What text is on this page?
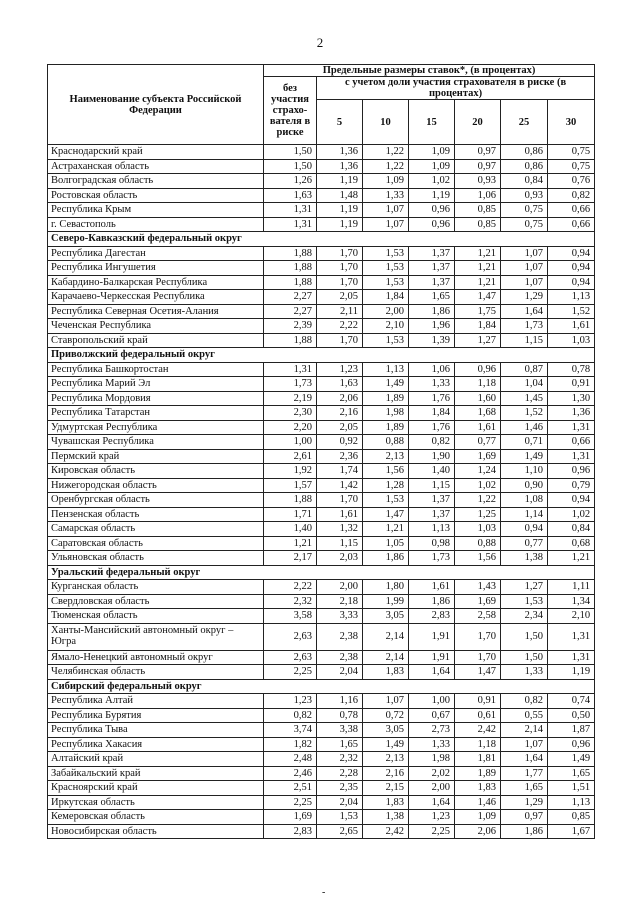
2
Наименование субъекта Российской Федерации	Предельные размеры ставок*, (в процентах)						
	без участия страхо-вателя в риске	с учетом доли участия страхователя в риске (в процентах)					
		5	10	15	20	25	30
Краснодарский край	1,50	1,36	1,22	1,09	0,97	0,86	0,75
Астраханская область	1,50	1,36	1,22	1,09	0,97	0,86	0,75
Волгоградская область	1,26	1,19	1,09	1,02	0,93	0,84	0,76
Ростовская область	1,63	1,48	1,33	1,19	1,06	0,93	0,82
Республика Крым	1,31	1,19	1,07	0,96	0,85	0,75	0,66
г. Севастополь	1,31	1,19	1,07	0,96	0,85	0,75	0,66
Северо-Кавказский федеральный округ							
Республика Дагестан	1,88	1,70	1,53	1,37	1,21	1,07	0,94
Республика Ингушетия	1,88	1,70	1,53	1,37	1,21	1,07	0,94
Кабардино-Балкарская Республика	1,88	1,70	1,53	1,37	1,21	1,07	0,94
Карачаево-Черкесская Республика	2,27	2,05	1,84	1,65	1,47	1,29	1,13
Республика Северная Осетия-Алания	2,27	2,11	2,00	1,86	1,75	1,64	1,52
Чеченская Республика	2,39	2,22	2,10	1,96	1,84	1,73	1,61
Ставропольский край	1,88	1,70	1,53	1,39	1,27	1,15	1,03
Приволжский федеральный округ							
Республика Башкортостан	1,31	1,23	1,13	1,06	0,96	0,87	0,78
Республика Марий Эл	1,73	1,63	1,49	1,33	1,18	1,04	0,91
Республика Мордовия	2,19	2,06	1,89	1,76	1,60	1,45	1,30
Республика Татарстан	2,30	2,16	1,98	1,84	1,68	1,52	1,36
Удмуртская Республика	2,20	2,05	1,89	1,76	1,61	1,46	1,31
Чувашская Республика	1,00	0,92	0,88	0,82	0,77	0,71	0,66
Пермский край	2,61	2,36	2,13	1,90	1,69	1,49	1,31
Кировская область	1,92	1,74	1,56	1,40	1,24	1,10	0,96
Нижегородская область	1,57	1,42	1,28	1,15	1,02	0,90	0,79
Оренбургская область	1,88	1,70	1,53	1,37	1,22	1,08	0,94
Пензенская область	1,71	1,61	1,47	1,37	1,25	1,14	1,02
Самарская область	1,40	1,32	1,21	1,13	1,03	0,94	0,84
Саратовская область	1,21	1,15	1,05	0,98	0,88	0,77	0,68
Ульяновская область	2,17	2,03	1,86	1,73	1,56	1,38	1,21
Уральский федеральный округ							
Курганская область	2,22	2,00	1,80	1,61	1,43	1,27	1,11
Свердловская область	2,32	2,18	1,99	1,86	1,69	1,53	1,34
Тюменская область	3,58	3,33	3,05	2,83	2,58	2,34	2,10
Ханты-Мансийский автономный округ – Югра	2,63	2,38	2,14	1,91	1,70	1,50	1,31
Ямало-Ненецкий автономный округ	2,63	2,38	2,14	1,91	1,70	1,50	1,31
Челябинская область	2,25	2,04	1,83	1,64	1,47	1,33	1,19
Сибирский федеральный округ							
Республика Алтай	1,23	1,16	1,07	1,00	0,91	0,82	0,74
Республика Бурятия	0,82	0,78	0,72	0,67	0,61	0,55	0,50
Республика Тыва	3,74	3,38	3,05	2,73	2,42	2,14	1,87
Республика Хакасия	1,82	1,65	1,49	1,33	1,18	1,07	0,96
Алтайский край	2,48	2,32	2,13	1,98	1,81	1,64	1,49
Забайкальский край	2,46	2,28	2,16	2,02	1,89	1,77	1,65
Красноярский край	2,51	2,35	2,15	2,00	1,83	1,65	1,51
Иркутская область	2,25	2,04	1,83	1,64	1,46	1,29	1,13
Кемеровская область	1,69	1,53	1,38	1,23	1,09	0,97	0,85
Новосибирская область	2,83	2,65	2,42	2,25	2,06	1,86	1,67
-
